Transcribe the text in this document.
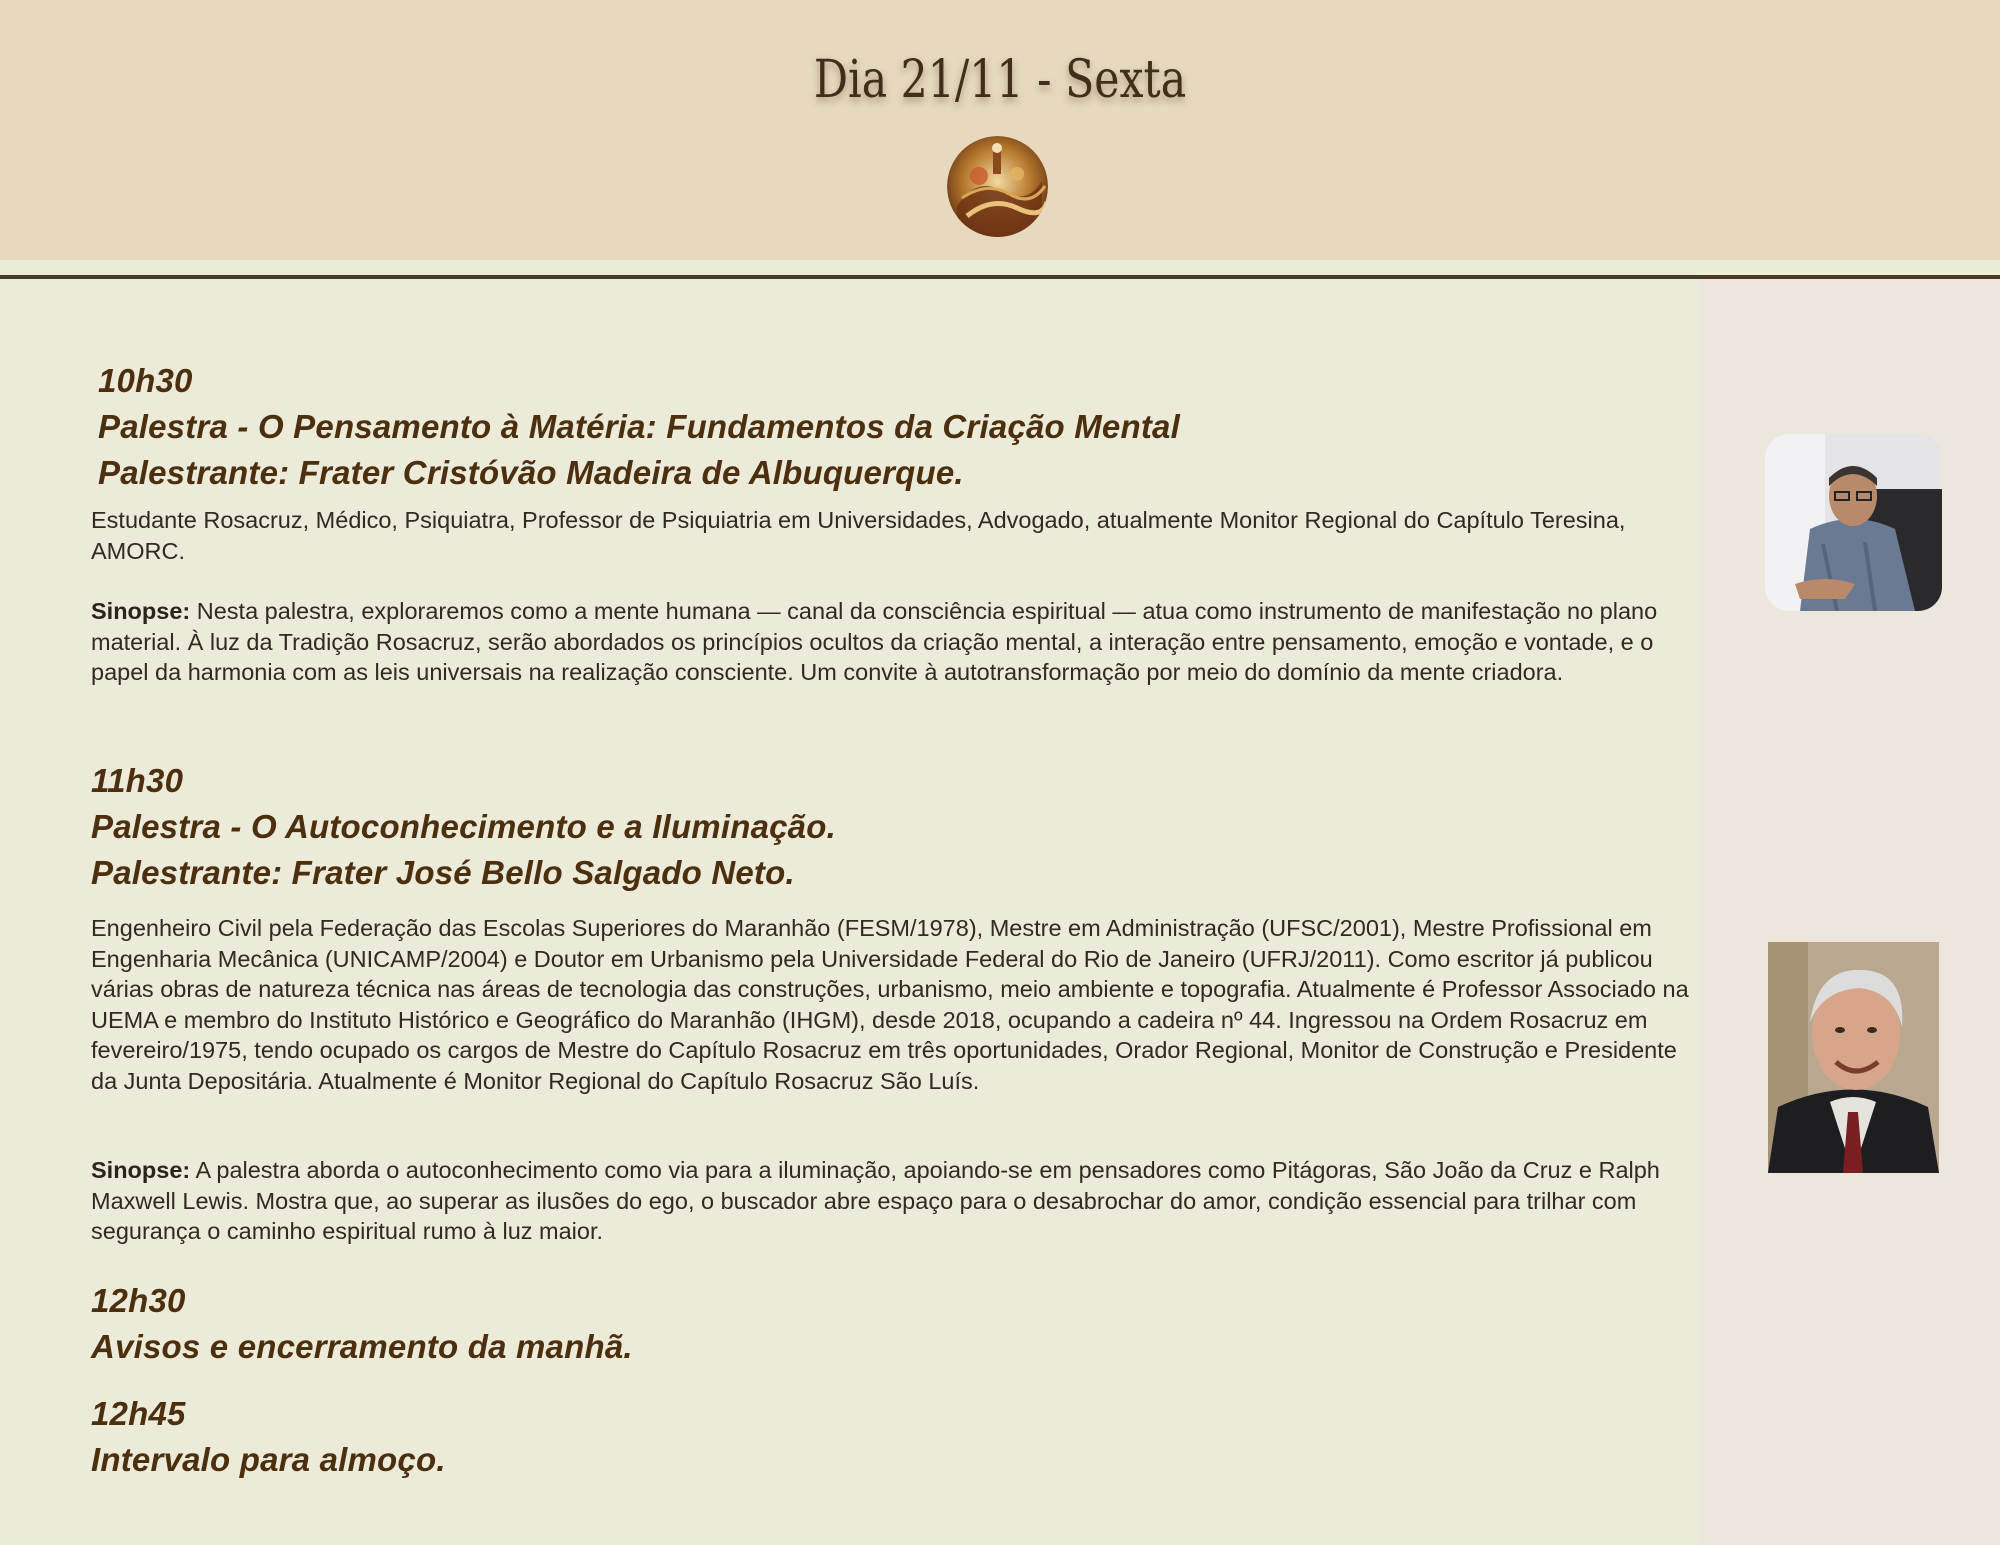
Dia 21/11 - Sexta

10h30

Palestra - O Pensamento à Matéria: Fundamentos da Criação Mental

Palestrante: Frater Cristóvão Madeira de Albuquerque.

Estudante Rosacruz, Médico, Psiquiatra, Professor de Psiquiatria em Universidades, Advogado, atualmente Monitor Regional do Capítulo Teresina, AMORC.

Sinopse: Nesta palestra, exploraremos como a mente humana — canal da consciência espiritual — atua como instrumento de manifestação no plano material. À luz da Tradição Rosacruz, serão abordados os princípios ocultos da criação mental, a interação entre pensamento, emoção e vontade, e o papel da harmonia com as leis universais na realização consciente. Um convite à autotransformação por meio do domínio da mente criadora.

11h30

Palestra - O Autoconhecimento e a Iluminação.

Palestrante: Frater José Bello Salgado Neto.

Engenheiro Civil pela Federação das Escolas Superiores do Maranhão (FESM/1978), Mestre em Administração (UFSC/2001), Mestre Profissional em Engenharia Mecânica (UNICAMP/2004) e Doutor em Urbanismo pela Universidade Federal do Rio de Janeiro (UFRJ/2011). Como escritor já publicou várias obras de natureza técnica nas áreas de tecnologia das construções, urbanismo, meio ambiente e topografia. Atualmente é Professor Associado na UEMA e membro do Instituto Histórico e Geográfico do Maranhão (IHGM), desde 2018, ocupando a cadeira nº 44. Ingressou na Ordem Rosacruz em fevereiro/1975, tendo ocupado os cargos de Mestre do Capítulo Rosacruz em três oportunidades, Orador Regional, Monitor de Construção e Presidente da Junta Depositária. Atualmente é Monitor Regional do Capítulo Rosacruz São Luís.

Sinopse: A palestra aborda o autoconhecimento como via para a iluminação, apoiando-se em pensadores como Pitágoras, São João da Cruz e Ralph Maxwell Lewis. Mostra que, ao superar as ilusões do ego, o buscador abre espaço para o desabrochar do amor, condição essencial para trilhar com segurança o caminho espiritual rumo à luz maior.

12h30

Avisos e encerramento da manhã.

12h45

Intervalo para almoço.
